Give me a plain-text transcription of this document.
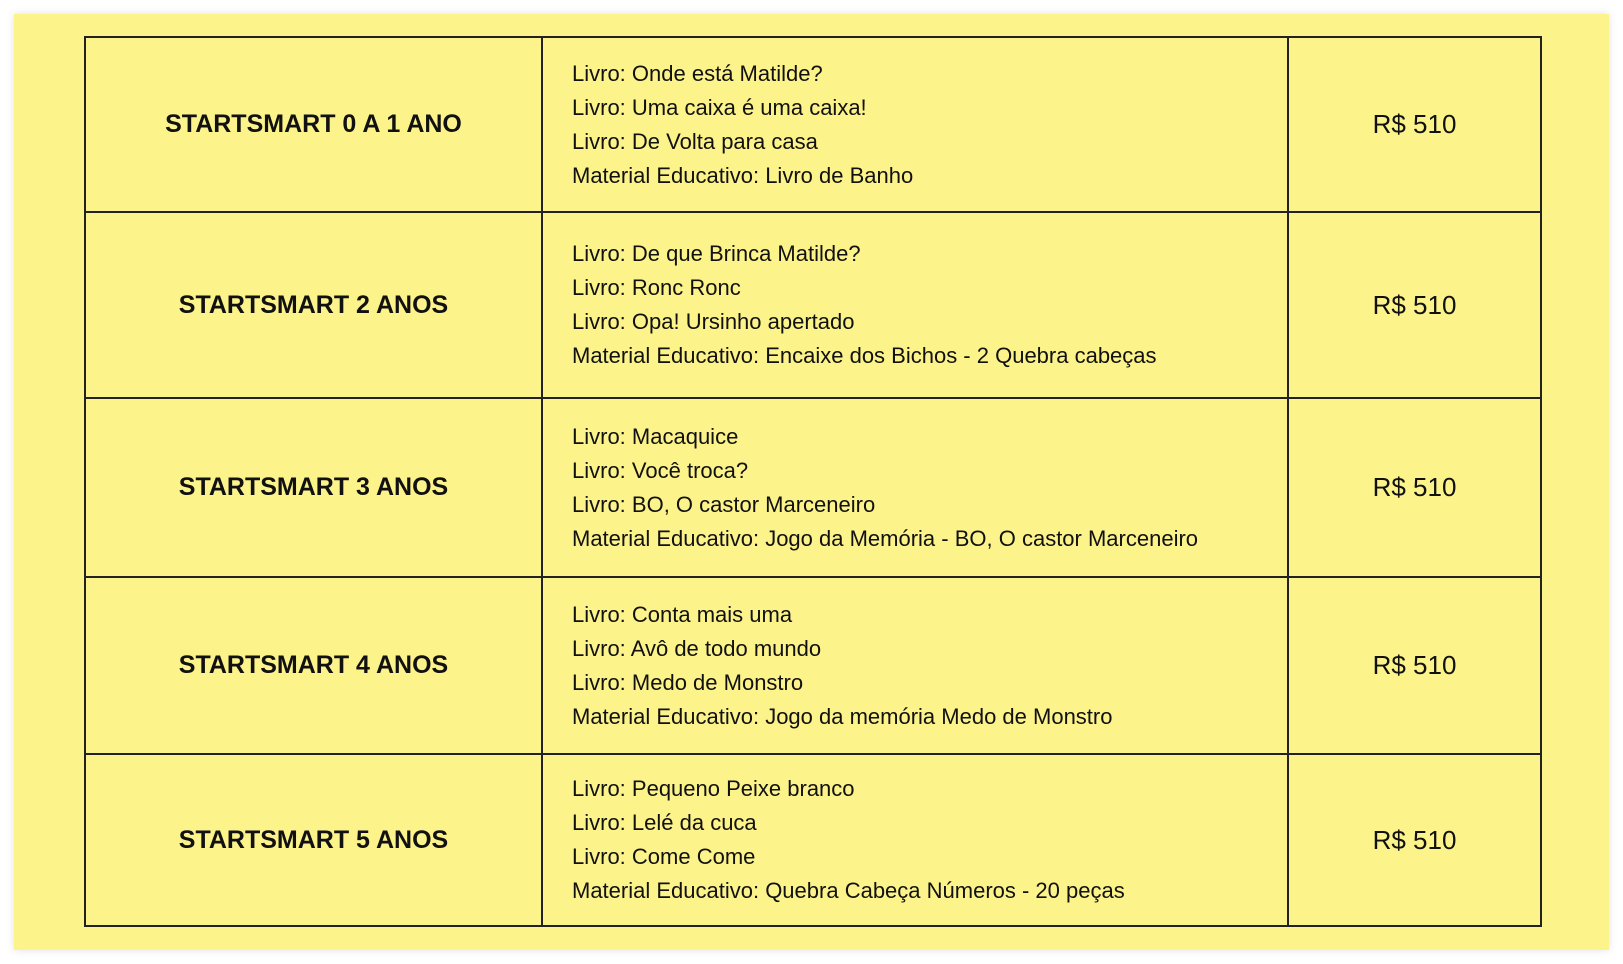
STARTSMART 0 A 1 ANO	Livro: Onde está Matilde?
Livro: Uma caixa é uma caixa!
Livro: De Volta para casa
Material Educativo: Livro de Banho	R$ 510
STARTSMART 2 ANOS	Livro: De que Brinca Matilde?
Livro: Ronc Ronc
Livro: Opa! Ursinho apertado
Material Educativo: Encaixe dos Bichos - 2 Quebra cabeças	R$ 510
STARTSMART 3 ANOS	Livro: Macaquice
Livro: Você troca?
Livro: BO, O castor Marceneiro
Material Educativo: Jogo da Memória - BO, O castor Marceneiro	R$ 510
STARTSMART 4 ANOS	Livro: Conta mais uma
Livro: Avô de todo mundo
Livro: Medo de Monstro
Material Educativo: Jogo da memória Medo de Monstro	R$ 510
STARTSMART 5 ANOS	Livro: Pequeno Peixe branco
Livro: Lelé da cuca
Livro: Come Come
Material Educativo: Quebra Cabeça Números - 20 peças	R$ 510
